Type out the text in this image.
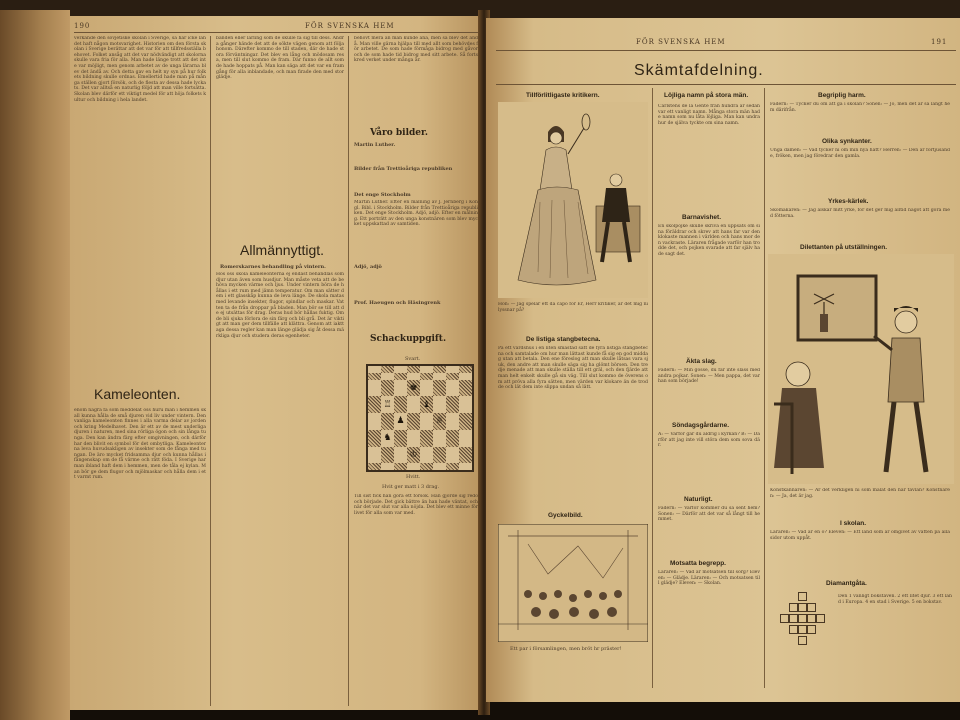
190	FÖR SVENSKA HEM
verkande den sovjetiske skolan i Sverige, så har icke landet haft någon motsvarighet. Historien om den första skolan i Sverige berättar att det var för att tillfredsställa behovet. Folket ansåg att det var nödvändigt att skolorna skulle vara fria för alla. Man hade länge trott att det inte var möjligt, men genom arbetet av de unga lärarna blev det ändå av. Och detta gav en helt ny syn på hur folkets bildning skulle ordnas. Emellertid hade man på många ställen gjort försök, och de flesta av dessa hade lyckats. Det var alltså en naturlig följd att man ville fortsätta. Skolan blev därför ett viktigt medel för att höja folkets kultur och bildning i hela landet.
Kameleonten.
enom några få som meddelat oss huru man i hemmen skall kunna hålla de små djuren vid liv under vintern. Den vanliga kameleonten finnes i alla varma delar av jorden och kring Medelhavet. Den är ett av de mest underliga djuren i naturen, med sina rörliga ögon och sin långa tunga. Den kan ändra färg efter omgivningen, och därför har den blivit en symbol för det ombytliga. Kameleonterna leva huvudsakligen av insekter som de fånga med tungan. De äro mycket fridsamma djur och kunna hållas i fångenskap om de få värme och rätt föda. I Sverige har man ibland haft dem i hemmen, men de tåla ej kylan. Man bör ge dem flugor och mjölmaskar och hålla dem i ett varmt rum.
banden eller lärling som de skulle få sig till dess. Andra gånger hände det att de sökte vägen genom att följa honom. Därefter kommo de till staden, där de hade stora förväntningar. Det blev en lång och mödosam resa, men till slut kommo de fram. Där funno de allt som de hade hoppats på. Man kan säga att det var en framgång för alla inblandade, och man firade den med stor glädje.
Allmännyttigt.
Romerskarnes behandling på vintern.
Hos oss skola kameleonterna ej endast behandlas som djur utan även som husdjur. Man måste veta att de behöva mycken värme och ljus. Under vintern böra de hållas i ett rum med jämn temperatur. Om man sätter dem i ett glasskåp kunna de leva länge. De skola matas med levande insekter, flugor, spindlar och maskar. Vatten ta de från droppar på bladen. Man bör se till att de ej utsättas för drag. Deras hud bör hållas fuktig. Om de bli sjuka förlora de sin färg och bli grå. Det är viktigt att man ger dem tillfälle att klättra. Genom att iakttaga dessa regler kan man länge glädja sig åt dessa märkliga djur och studera deras egenheter.
behövt mera än man kunde ana, men så blev det ändå. Man ville gärna hjälpa till med allt som behövdes för arbetet. De som hade förmåga bidrog med gåvor och de som hade tid bidrog med sitt arbete. Så fortskred verket under många år.
Våro bilder.
Martin Luther.
Bilder från Trettioåriga republiken
Det enge Stockholm
Martin Luther. Efter en målning av J. Jernberg i Kongl. Bibl. i Stockholm. Bilder från Trettioåriga republiken. Det enge Stockholm. Adjö, adjö. Efter en målning. Ett porträtt av den unga konstnären som blev mycket uppskattad av samtiden.
Adjö, adjö
Prof. Haeugen och Häsingrenk
Schackuppgift.
Svart.
♚
♖	♝
♟	♕
♞
♔
Hvitt.
Hvit ger matt i 3 drag.
Till sist fick han göra ett försök. Han gjorde sig redo och började. Det gick bättre än han hade väntat, och när det var slut var alla nöjda. Det blev ett minne för livet för alla som var med.
FÖR SVENSKA HEM	191
Skämtafdelning.
Tillförlitligaste kritikern.
Hon: — Jag spelar ett da capo för Er, Herr kritiker, är det mig ni lyssnar på?
De listiga stangbetecna.
På ett värdshus i en liten småstad satt de fyra listiga stangbetecna och samtalade om hur man lättast kunde få sig en god middag utan att betala. Den ene föreslog att man skulle låtsas vara sjuk, den andre att man skulle säga sig ha glömt börsen. Den tredje menade att man skulle ställa till ett gräl, och den fjärde att man helt enkelt skulle gå sin väg. Till slut kommo de överens om att pröva alla fyra sätten, men värden var klokare än de trodde och lät dem inte slippa undan så lätt.
Gyckelbild.
Ett par i församlingen, men bröt hr präster!
Löjliga namn på stora män.
Carlstens de la Gente från hundra år sedan var ett vanligt namn. Många stora män hade namn som nu låta löjliga. Man kan undra hur de själva tyckte om sina namn.
Barnavishet.
En skolpojke skulle skriva en uppsats om sina föräldrar och skrev att hans far var den klokaste mannen i världen och hans mor den vackraste. Läraren frågade varför han trodde det, och pojken svarade att far själv hade sagt det.
Äkta slag.
Fadern: — Min gosse, du får inte slåss med andra pojkar. Sonen: — Men pappa, det var han som började!
Söndagsgårdarne.
A: — Varför går du aldrig i kyrkan? B: — Därför att jag inte vill störa dem som sova där.
Naturligt.
Fadern: — Varför kommer du så sent hem? Sonen: — Därför att det var så långt till hemmet.
Motsatta begrepp.
Läraren: — Vad är motsatsen till sorg? Eleven: — Glädje. Läraren: — Och motsatsen till glädje? Eleven: — Skolan.
Begriplig harm.
Fadern: — Tycker du om att gå i skolan? Sonen: — Jo, men det är så långt hem därifrån.
Olika synkanter.
Unga damen: — Vad tycker ni om min nya hatt? Herren: — Den är förtjusande, fröken, men jag föredrar den gamla.
Yrkes-kärlek.
Skomakaren: — Jag älskar mitt yrke, för det ger mig alltid något att göra med fötterna.
Dilettanten på utställningen.
Konstkännaren: — Är det verkligen ni som målat den här tavlan? Konstnären: — Ja, det är jag.
I skolan.
Läraren: — Vad är en ö? Eleven: — Ett land som är omgivet av vatten på alla sidor utom uppåt.
Diamantgåta.
Den 1 vanligt bokstaven. 2 ett litet djur. 3 ett land i Europa. 4 en stad i Sverige. 5 en bokstav.
